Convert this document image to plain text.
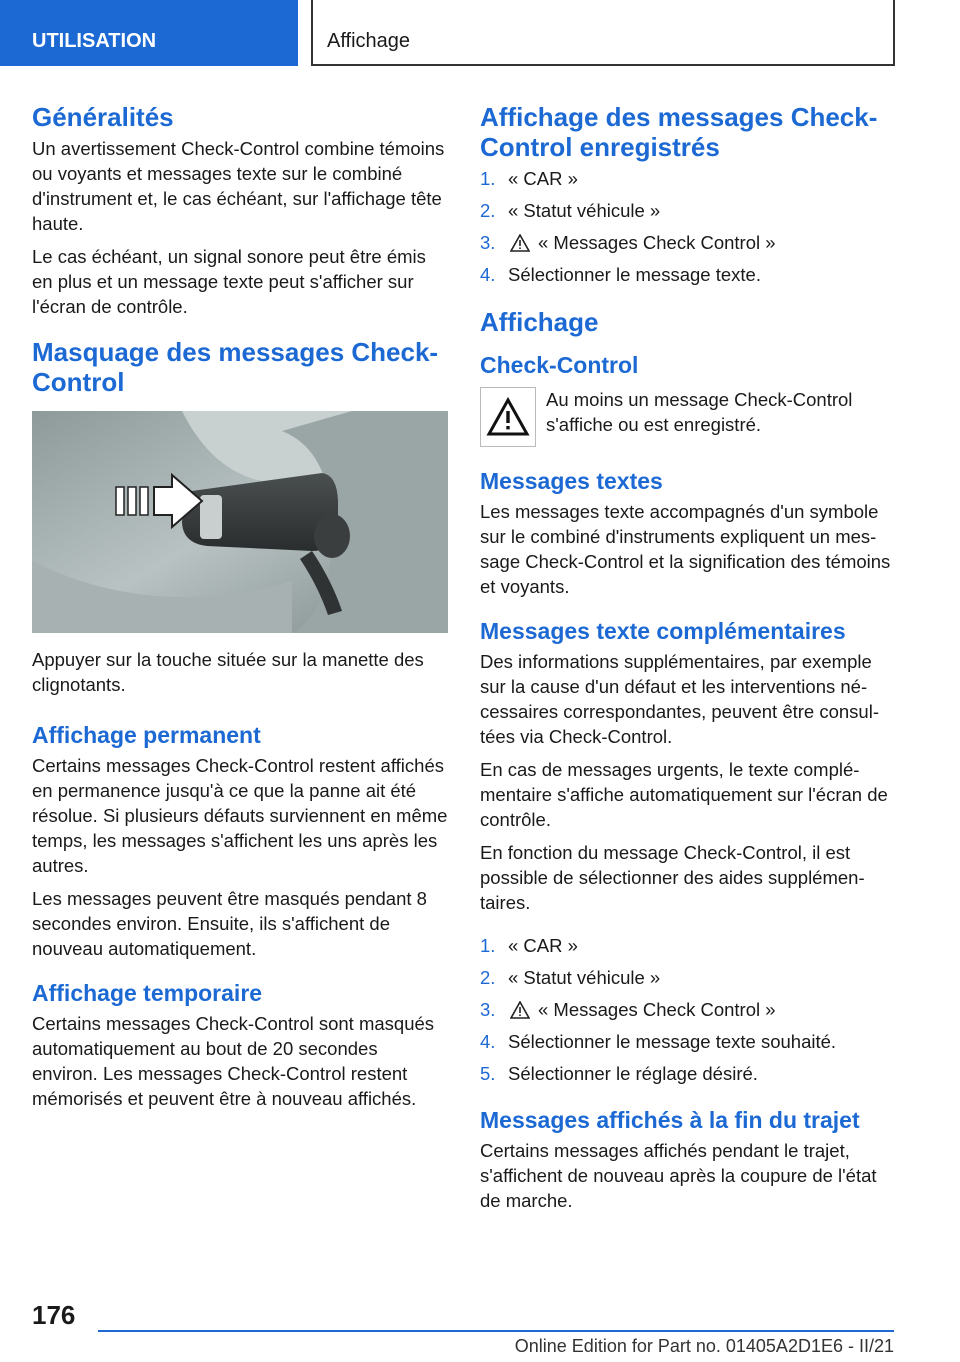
UTILISATION	Affichage
Généralités

Un avertissement Check-Control combine témoins ou voyants et messages texte sur le combiné d'instrument et, le cas échéant, sur l'affichage tête haute.

Le cas échéant, un signal sonore peut être émis en plus et un message texte peut s'afficher sur l'écran de contrôle.

Masquage des messages Check-Control

Appuyer sur la touche située sur la manette des clignotants.

Affichage permanent

Certains messages Check-Control restent affichés en permanence jusqu'à ce que la panne ait été résolue. Si plusieurs défauts surviennent en même temps, les messages s'affichent les uns après les autres.

Les messages peuvent être masqués pendant 8 secondes environ. Ensuite, ils s'affichent de nouveau automatiquement.

Affichage temporaire

Certains messages Check-Control sont masqués automatiquement au bout de 20 secondes environ. Les messages Check-Control restent mémorisés et peuvent être à nouveau affichés.

Affichage des messages Check-Control enregistrés
1. « CAR »
2. « Statut véhicule »
3.	« Messages Check Control »
4. Sélectionner le message texte.
Affichage
Check-Control
Au moins un message Check-Control s'affiche ou est enregistré.
Messages textes

Les messages texte accompagnés d'un symbole sur le combiné d'instruments expliquent un message Check-Control et la signification des témoins et voyants.

Messages texte complémentaires

Des informations supplémentaires, par exemple sur la cause d'un défaut et les interventions nécessaires correspondantes, peuvent être consultées via Check-Control.

En cas de messages urgents, le texte complémentaire s'affiche automatiquement sur l'écran de contrôle.

En fonction du message Check-Control, il est possible de sélectionner des aides supplémentaires.

1. « CAR »
2. « Statut véhicule »
3.	« Messages Check Control »
4. Sélectionner le message texte souhaité.
5. Sélectionner le réglage désiré.
Messages affichés à la fin du trajet

Certains messages affichés pendant le trajet, s'affichent de nouveau après la coupure de l'état de marche.

176
Online Edition for Part no. 01405A2D1E6 - II/21
